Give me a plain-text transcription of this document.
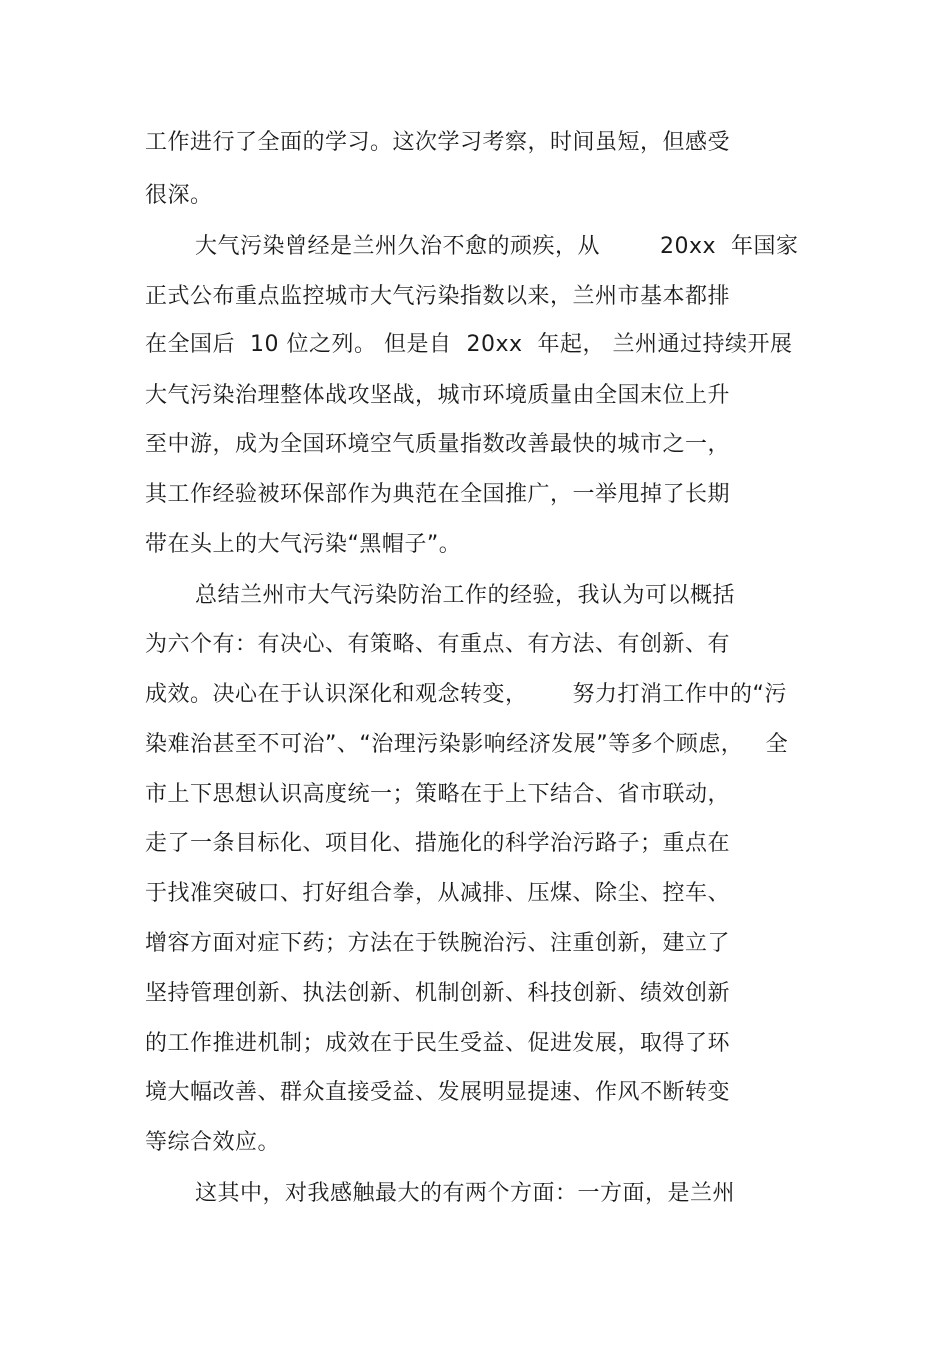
工作进行了全面的学习。这次学习考察，时间虽短，但感受
很深。
大气污染曾经是兰州久治不愈的顽疾，从        20xx  年国家
正式公布重点监控城市大气污染指数以来，兰州市基本都排
在全国后  10 位之列。 但是自  20xx  年起， 兰州通过持续开展
大气污染治理整体战攻坚战，城市环境质量由全国末位上升
至中游，成为全国环境空气质量指数改善最快的城市之一，
其工作经验被环保部作为典范在全国推广，一举甩掉了长期
带在头上的大气污染“黑帽子”。
总结兰州市大气污染防治工作的经验，我认为可以概括
为六个有：有决心、有策略、有重点、有方法、有创新、有
成效。决心在于认识深化和观念转变，      努力打消工作中的“污
染难治甚至不可治”、“治理污染影响经济发展”等多个顾虑，   全
市上下思想认识高度统一；策略在于上下结合、省市联动，
走了一条目标化、项目化、措施化的科学治污路子；重点在
于找准突破口、打好组合拳，从减排、压煤、除尘、控车、
增容方面对症下药；方法在于铁腕治污、注重创新，建立了
坚持管理创新、执法创新、机制创新、科技创新、绩效创新
的工作推进机制；成效在于民生受益、促进发展，取得了环
境大幅改善、群众直接受益、发展明显提速、作风不断转变
等综合效应。
这其中，对我感触最大的有两个方面：一方面，是兰州
